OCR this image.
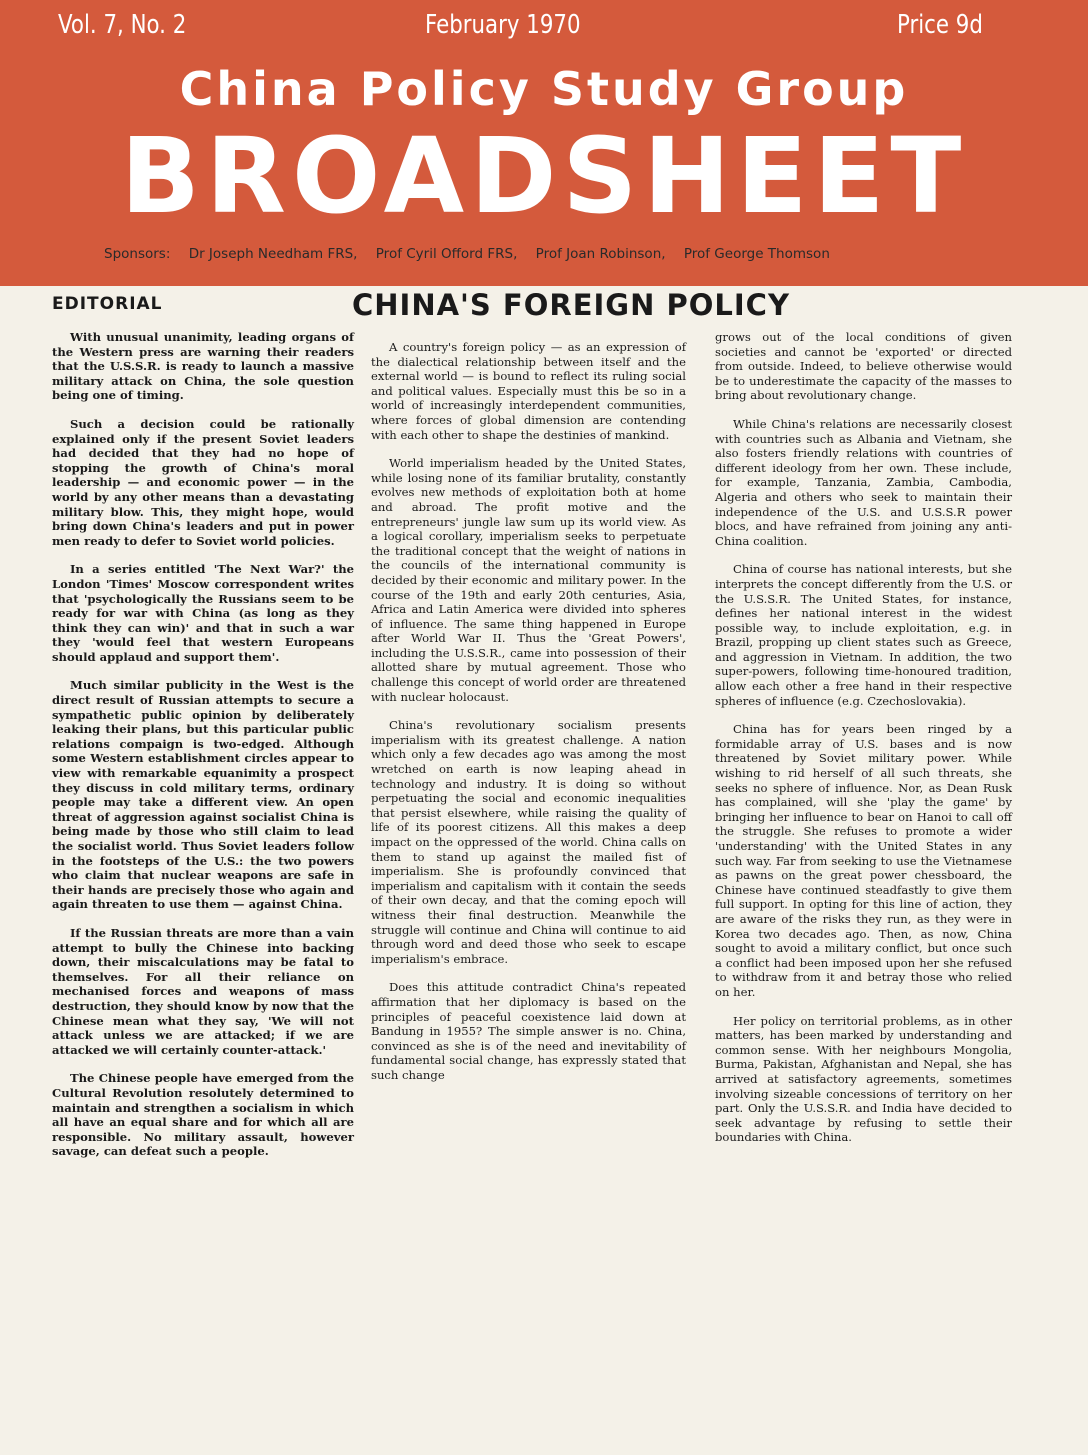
Vol. 7, No. 2	February 1970	Price 9d
China Policy Study Group
BROADSHEET
Sponsors: Dr Joseph Needham FRS, Prof Cyril Offord FRS, Prof Joan Robinson, Prof George Thomson
EDITORIAL	CHINA'S FOREIGN POLICY

With unusual unanimity, leading organs of the Western press are warning their readers that the U.S.S.R. is ready to launch a massive military attack on China, the sole question being one of timing.

Such a decision could be rationally explained only if the present Soviet leaders had decided that they had no hope of stopping the growth of China's moral leadership — and economic power — in the world by any other means than a devastating military blow. This, they might hope, would bring down China's leaders and put in power men ready to defer to Soviet world policies.

In a series entitled 'The Next War?' the London 'Times' Moscow correspondent writes that 'psychologically the Russians seem to be ready for war with China (as long as they think they can win)' and that in such a war they 'would feel that western Europeans should applaud and support them'.

Much similar publicity in the West is the direct result of Russian attempts to secure a sympathetic public opinion by deliberately leaking their plans, but this particular public relations compaign is two-edged. Although some Western establishment circles appear to view with remarkable equanimity a prospect they discuss in cold military terms, ordinary people may take a different view. An open threat of aggression against socialist China is being made by those who still claim to lead the socialist world. Thus Soviet leaders follow in the footsteps of the U.S.: the two powers who claim that nuclear weapons are safe in their hands are precisely those who again and again threaten to use them — against China.

If the Russian threats are more than a vain attempt to bully the Chinese into backing down, their miscalculations may be fatal to themselves. For all their reliance on mechanised forces and weapons of mass destruction, they should know by now that the Chinese mean what they say, 'We will not attack unless we are attacked; if we are attacked we will certainly counter-attack.'

The Chinese people have emerged from the Cultural Revolution resolutely determined to maintain and strengthen a socialism in which all have an equal share and for which all are responsible. No military assault, however savage, can defeat such a people.

A country's foreign policy — as an expression of the dialectical relationship between itself and the external world — is bound to reflect its ruling social and political values. Especially must this be so in a world of increasingly interdependent communities, where forces of global dimension are contending with each other to shape the destinies of mankind.

World imperialism headed by the United States, while losing none of its familiar brutality, constantly evolves new methods of exploitation both at home and abroad. The profit motive and the entrepreneurs' jungle law sum up its world view. As a logical corollary, imperialism seeks to perpetuate the traditional concept that the weight of nations in the councils of the international community is decided by their economic and military power. In the course of the 19th and early 20th centuries, Asia, Africa and Latin America were divided into spheres of influence. The same thing happened in Europe after World War II. Thus the 'Great Powers', including the U.S.S.R., came into possession of their allotted share by mutual agreement. Those who challenge this concept of world order are threatened with nuclear holocaust.

China's revolutionary socialism presents imperialism with its greatest challenge. A nation which only a few decades ago was among the most wretched on earth is now leaping ahead in technology and industry. It is doing so without perpetuating the social and economic inequalities that persist elsewhere, while raising the quality of life of its poorest citizens. All this makes a deep impact on the oppressed of the world. China calls on them to stand up against the mailed fist of imperialism. She is profoundly convinced that imperialism and capitalism with it contain the seeds of their own decay, and that the coming epoch will witness their final destruction. Meanwhile the struggle will continue and China will continue to aid through word and deed those who seek to escape imperialism's embrace.

Does this attitude contradict China's repeated affirmation that her diplomacy is based on the principles of peaceful coexistence laid down at Bandung in 1955? The simple answer is no. China, convinced as she is of the need and inevitability of fundamental social change, has expressly stated that such change

grows out of the local conditions of given societies and cannot be 'exported' or directed from outside. Indeed, to believe otherwise would be to underestimate the capacity of the masses to bring about revolutionary change.

While China's relations are necessarily closest with countries such as Albania and Vietnam, she also fosters friendly relations with countries of different ideology from her own. These include, for example, Tanzania, Zambia, Cambodia, Algeria and others who seek to maintain their independence of the U.S. and U.S.S.R power blocs, and have refrained from joining any anti-China coalition.

China of course has national interests, but she interprets the concept differently from the U.S. or the U.S.S.R. The United States, for instance, defines her national interest in the widest possible way, to include exploitation, e.g. in Brazil, propping up client states such as Greece, and aggression in Vietnam. In addition, the two super-powers, following time-honoured tradition, allow each other a free hand in their respective spheres of influence (e.g. Czechoslovakia).

China has for years been ringed by a formidable array of U.S. bases and is now threatened by Soviet military power. While wishing to rid herself of all such threats, she seeks no sphere of influence. Nor, as Dean Rusk has complained, will she 'play the game' by bringing her influence to bear on Hanoi to call off the struggle. She refuses to promote a wider 'understanding' with the United States in any such way. Far from seeking to use the Vietnamese as pawns on the great power chessboard, the Chinese have continued steadfastly to give them full support. In opting for this line of action, they are aware of the risks they run, as they were in Korea two decades ago. Then, as now, China sought to avoid a military conflict, but once such a conflict had been imposed upon her she refused to withdraw from it and betray those who relied on her.

Her policy on territorial problems, as in other matters, has been marked by understanding and common sense. With her neighbours Mongolia, Burma, Pakistan, Afghanistan and Nepal, she has arrived at satisfactory agreements, sometimes involving sizeable concessions of territory on her part. Only the U.S.S.R. and India have decided to seek advantage by refusing to settle their boundaries with China.
